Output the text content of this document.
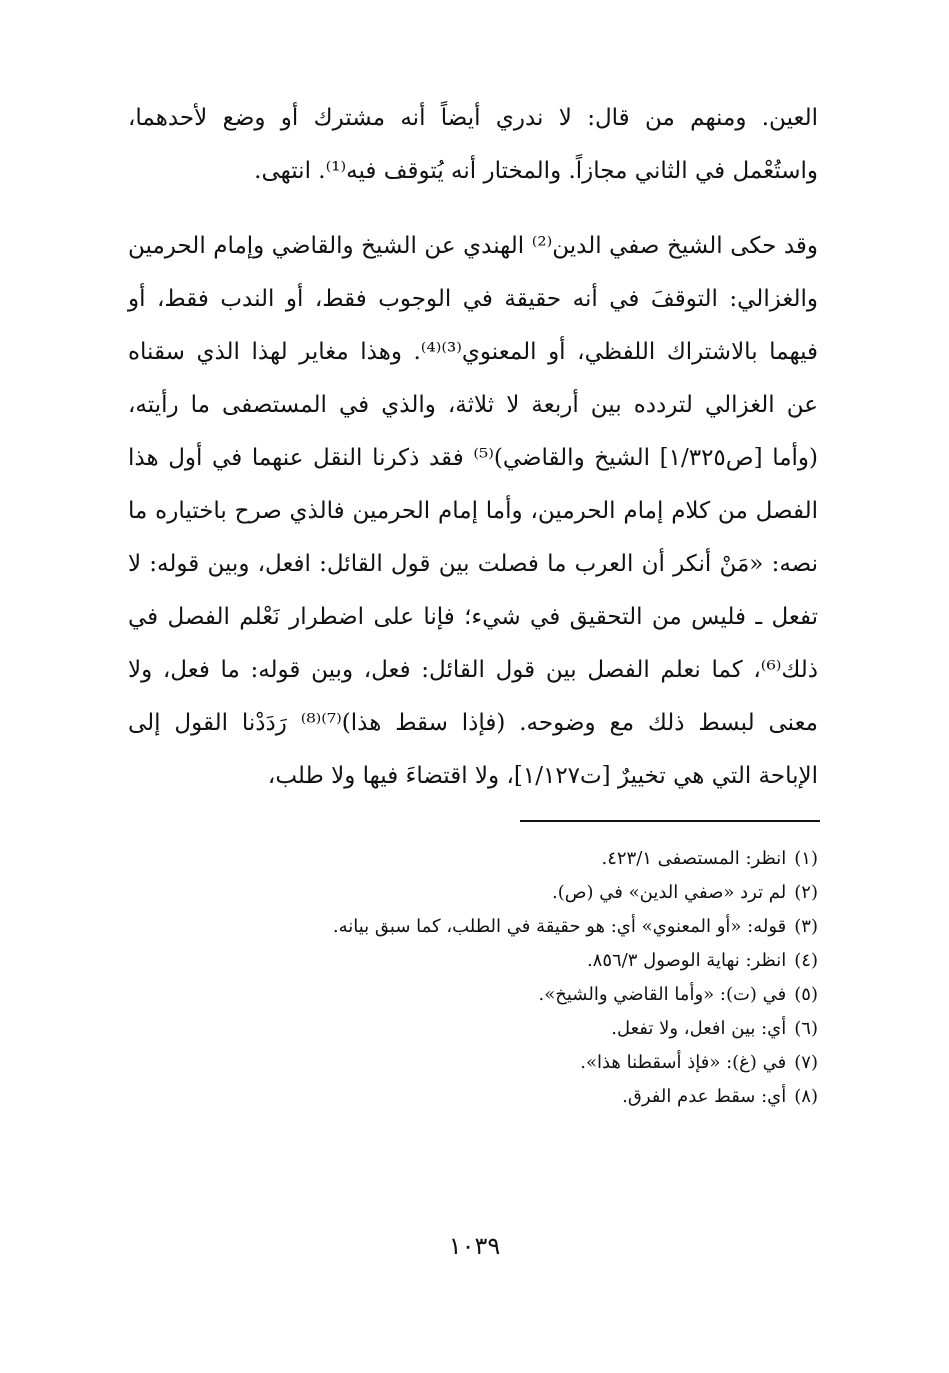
العين. ومنهم من قال: لا ندري أيضاً أنه مشترك أو وضع لأحدهما، واستُعْمل في الثاني مجازاً. والمختار أنه يُتوقف فيه⁽¹⁾. انتهى.

وقد حكى الشيخ صفي الدين⁽²⁾ الهندي عن الشيخ والقاضي وإمام الحرمين والغزالي: التوقفَ في أنه حقيقة في الوجوب فقط، أو الندب فقط، أو فيهما بالاشتراك اللفظي، أو المعنوي⁽³⁾⁽⁴⁾. وهذا مغاير لهذا الذي سقناه عن الغزالي لتردده بين أربعة لا ثلاثة، والذي في المستصفى ما رأيته، (وأما [ص١/٣٢٥] الشيخ والقاضي)⁽⁵⁾ فقد ذكرنا النقل عنهما في أول هذا الفصل من كلام إمام الحرمين، وأما إمام الحرمين فالذي صرح باختياره ما نصه: «مَنْ أنكر أن العرب ما فصلت بين قول القائل: افعل، وبين قوله: لا تفعل ـ فليس من التحقيق في شيء؛ فإنا على اضطرار نَعْلم الفصل في ذلك⁽⁶⁾، كما نعلم الفصل بين قول القائل: فعل، وبين قوله: ما فعل، ولا معنى لبسط ذلك مع وضوحه. (فإذا سقط هذا)⁽⁷⁾⁽⁸⁾ رَدَدْنا القول إلى الإباحة التي هي تخييرٌ [ت١/١٢٧]، ولا اقتضاءَ فيها ولا طلب،

(١)انظر: المستصفى ٤٢٣/١.
(٢)لم ترد «صفي الدين» في (ص).
(٣)قوله: «أو المعنوي» أي: هو حقيقة في الطلب، كما سبق بيانه.
(٤)انظر: نهاية الوصول ٨٥٦/٣.
(٥)في (ت): «وأما القاضي والشيخ».
(٦)أي: بين افعل، ولا تفعل.
(٧)في (غ): «فإذ أسقطنا هذا».
(٨)أي: سقط عدم الفرق.
١٠٣٩
